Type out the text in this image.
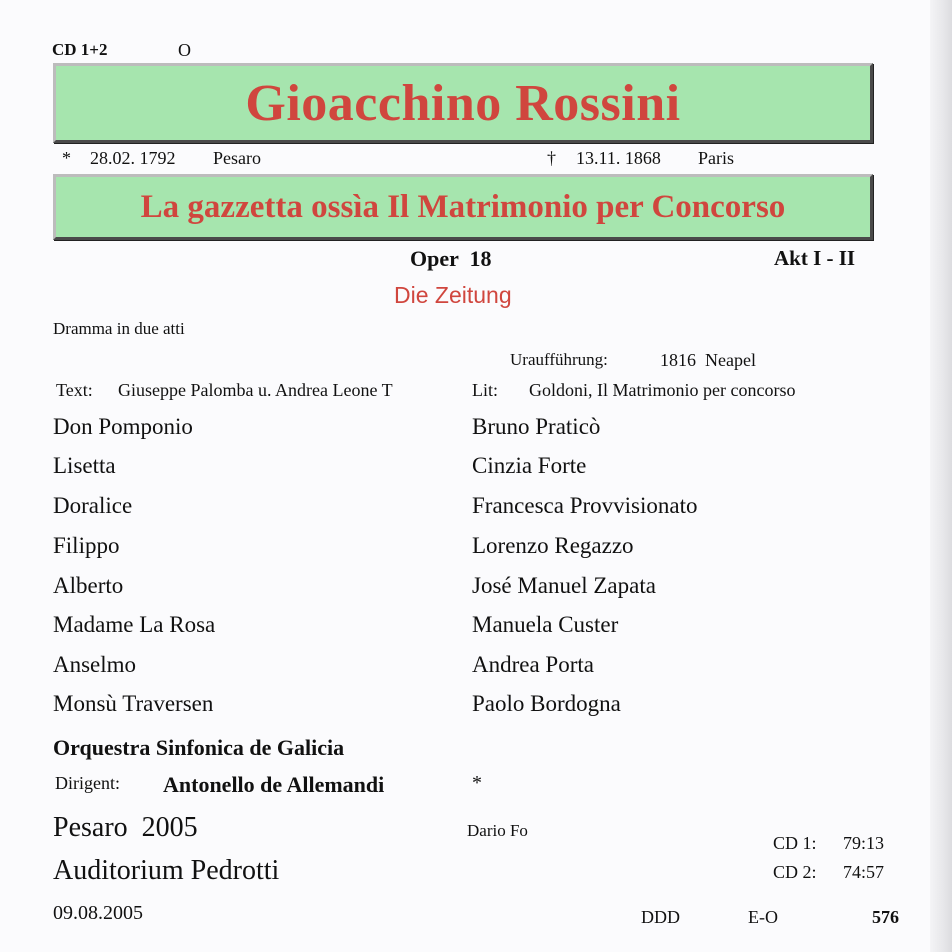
CD 1+2	O
Gioacchino Rossini
* 28.02. 1792 Pesaro	† 13.11. 1868 Paris
La gazzetta ossìa Il Matrimonio per Concorso
Oper  18	Akt I - II
Die Zeitung
Dramma in due atti
Uraufführung:	1816  Neapel
Text: Giuseppe Palomba u. Andrea Leone T	Lit: Goldoni, Il Matrimonio per concorso
Don Pomponio	Bruno Praticò
Lisetta	Cinzia Forte
Doralice	Francesca Provvisionato
Filippo	Lorenzo Regazzo
Alberto	José Manuel Zapata
Madame La Rosa	Manuela Custer
Anselmo	Andrea Porta
Monsù Traversen	Paolo Bordogna
Orquestra Sinfonica de Galicia
Dirigent: Antonello de Allemandi	*
Pesaro  2005	Dario Fo
Auditorium Pedrotti
09.08.2005
CD 1: 79:13
CD 2: 74:57
DDD	E-O	576
